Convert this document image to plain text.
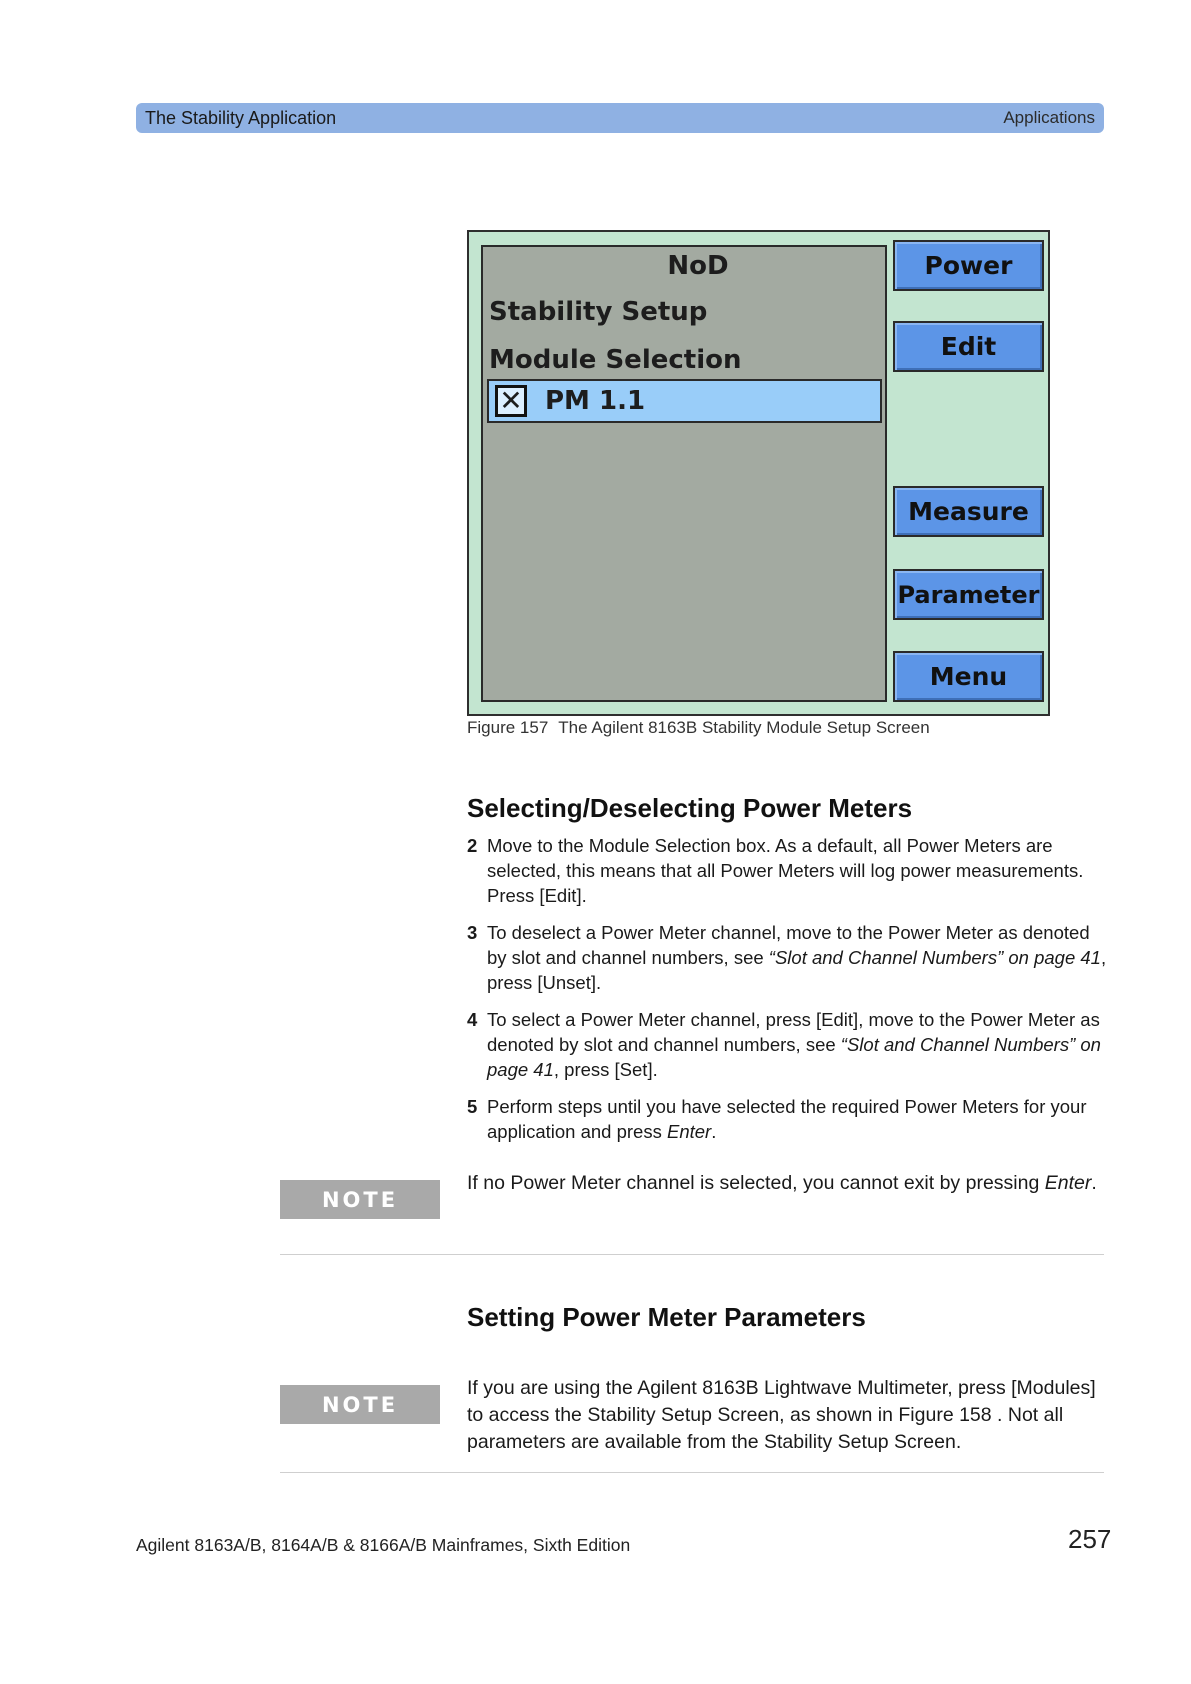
The Stability Application	Applications
NoD
Stability Setup
Module Selection
✕ PM 1.1
Power
Edit
Measure
Parameter
Menu
Figure 157 The Agilent 8163B Stability Module Setup Screen
Selecting/Deselecting Power Meters
2 Move to the Module Selection box. As a default, all Power Meters are selected, this means that all Power Meters will log power measurements. Press [Edit].
3 To deselect a Power Meter channel, move to the Power Meter as denoted by slot and channel numbers, see “Slot and Channel Numbers” on page 41, press [Unset].
4 To select a Power Meter channel, press [Edit], move to the Power Meter as denoted by slot and channel numbers, see “Slot and Channel Numbers” on page 41, press [Set].
5 Perform steps until you have selected the required Power Meters for your application and press Enter.
NOTE
If no Power Meter channel is selected, you cannot exit by pressing Enter.
Setting Power Meter Parameters
NOTE
If you are using the Agilent 8163B Lightwave Multimeter, press [Modules] to access the Stability Setup Screen, as shown in Figure 158 . Not all parameters are available from the Stability Setup Screen.
Agilent 8163A/B, 8164A/B & 8166A/B Mainframes, Sixth Edition	257
